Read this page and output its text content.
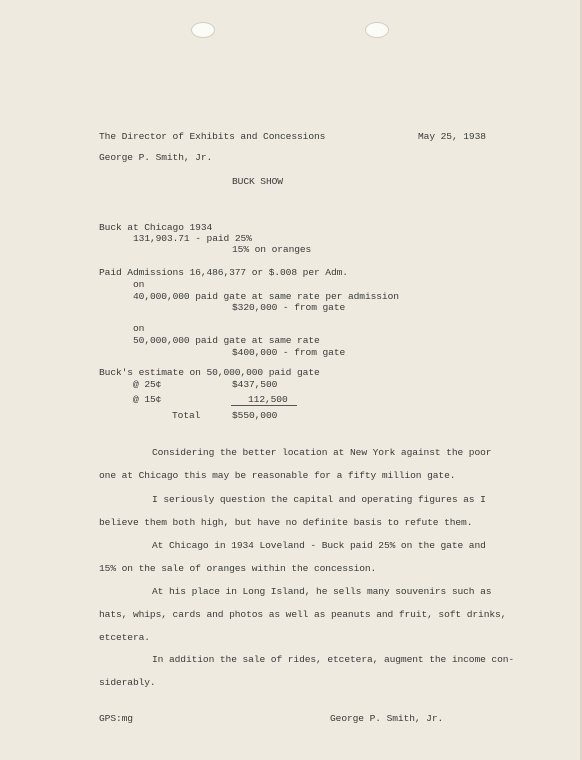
The Director of Exhibits and Concessions	May 25, 1938
George P. Smith, Jr.
BUCK SHOW
Buck at Chicago 1934
131,903.71 - paid 25%
15% on oranges
Paid Admissions 16,486,377 or $.008 per Adm.
on
40,000,000 paid gate at same rate per admission
$320,000 - from gate
on
50,000,000 paid gate at same rate
$400,000 - from gate
Buck's estimate on 50,000,000 paid gate
@ 25¢	$437,500
@ 15¢	112,500
Total	$550,000
Considering the better location at New York against the poor
one at Chicago this may be reasonable for a fifty million gate.
I seriously question the capital and operating figures as I
believe them both high, but have no definite basis to refute them.
At Chicago in 1934 Loveland - Buck paid 25% on the gate and
15% on the sale of oranges within the concession.
At his place in Long Island, he sells many souvenirs such as
hats, whips, cards and photos as well as peanuts and fruit, soft drinks,
etcetera.
In addition the sale of rides, etcetera, augment the income con-
siderably.
GPS:mg	George P. Smith, Jr.
